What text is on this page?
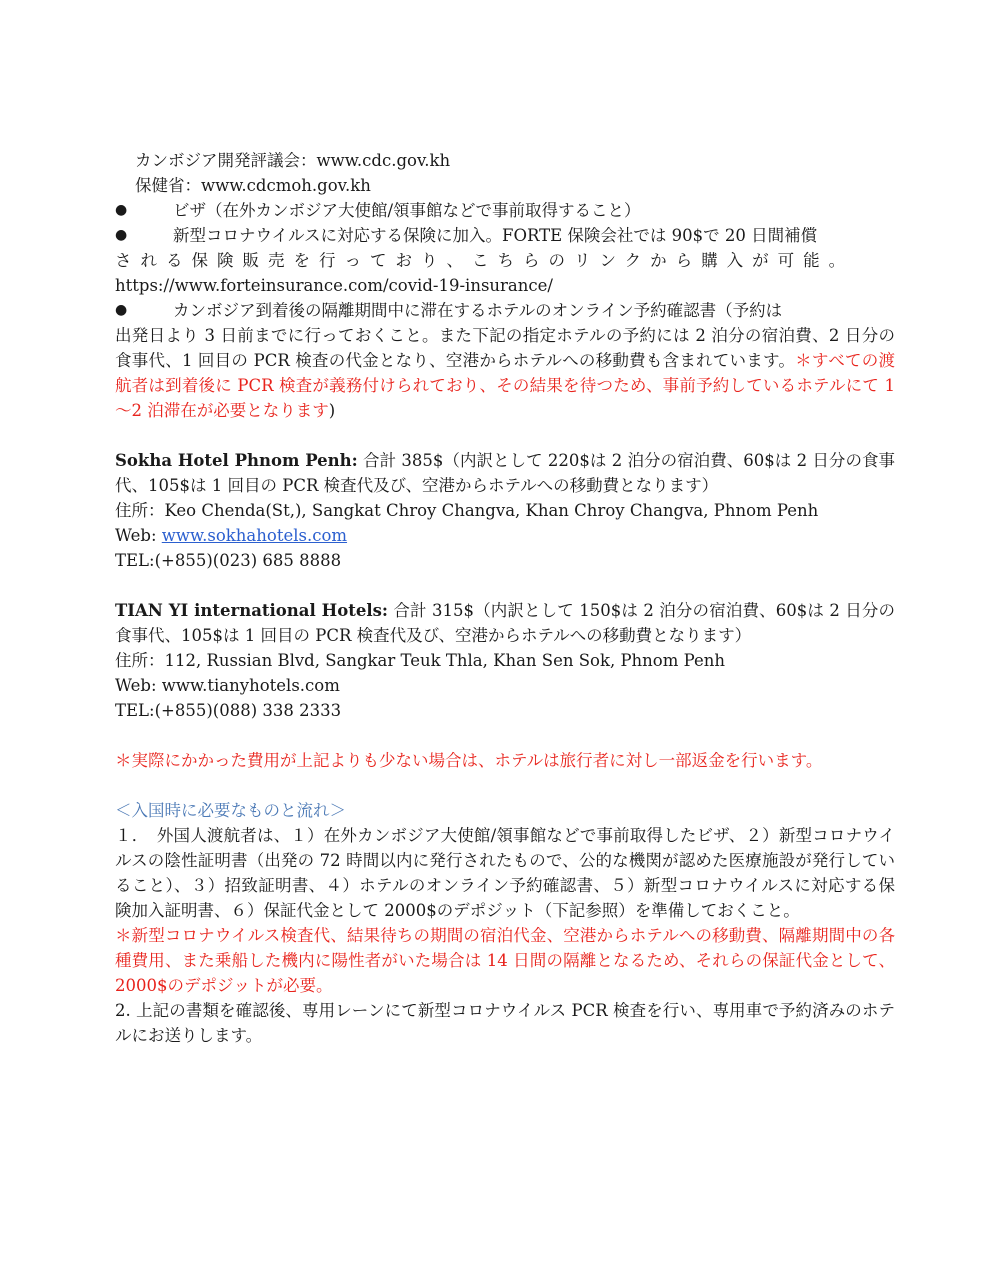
カンボジア開発評議会：www.cdc.gov.kh
保健省：www.cdcmoh.gov.kh
●	ビザ（在外カンボジア大使館/領事館などで事前取得すること）
●	新型コロナウイルスに対応する保険に加入。FORTE 保険会社では 90$で 20 日間補償
される保険販売を行っており、こちらのリンクから購入が可能。
https://www.forteinsurance.com/covid-19-insurance/
●	カンボジア到着後の隔離期間中に滞在するホテルのオンライン予約確認書（予約は
出発日より 3 日前までに行っておくこと。また下記の指定ホテルの予約には 2 泊分の宿泊費、2 日分の食事代、1 回目の PCR 検査の代金となり、空港からホテルへの移動費も含まれています。＊すべての渡航者は到着後に PCR 検査が義務付けられており、その結果を待つため、事前予約しているホテルにて 1～2 泊滞在が必要となります)
Sokha Hotel Phnom Penh: 合計 385$（内訳として 220$は 2 泊分の宿泊費、60$は 2 日分の食事代、105$は 1 回目の PCR 検査代及び、空港からホテルへの移動費となります）
住所：Keo Chenda(St,), Sangkat Chroy Changva, Khan Chroy Changva, Phnom Penh
Web: www.sokhahotels.com
TEL:(+855)(023) 685 8888
TIAN YI international Hotels: 合計 315$（内訳として 150$は 2 泊分の宿泊費、60$は 2 日分の食事代、105$は 1 回目の PCR 検査代及び、空港からホテルへの移動費となります）
住所：112, Russian Blvd, Sangkar Teuk Thla, Khan Sen Sok, Phnom Penh
Web: www.tianyhotels.com
TEL:(+855)(088) 338 2333
＊実際にかかった費用が上記よりも少ない場合は、ホテルは旅行者に対し一部返金を行います。
＜入国時に必要なものと流れ＞
１．　外国人渡航者は、１）在外カンボジア大使館/領事館などで事前取得したビザ、２）新型コロナウイルスの陰性証明書（出発の 72 時間以内に発行されたもので、公的な機関が認めた医療施設が発行していること）、３）招致証明書、４）ホテルのオンライン予約確認書、５）新型コロナウイルスに対応する保険加入証明書、６）保証代金として 2000$のデポジット（下記参照）を準備しておくこと。
＊新型コロナウイルス検査代、結果待ちの期間の宿泊代金、空港からホテルへの移動費、隔離期間中の各種費用、また乗船した機内に陽性者がいた場合は 14 日間の隔離となるため、それらの保証代金として、2000$のデポジットが必要。
2. 上記の書類を確認後、専用レーンにて新型コロナウイルス PCR 検査を行い、専用車で予約済みのホテルにお送りします。
